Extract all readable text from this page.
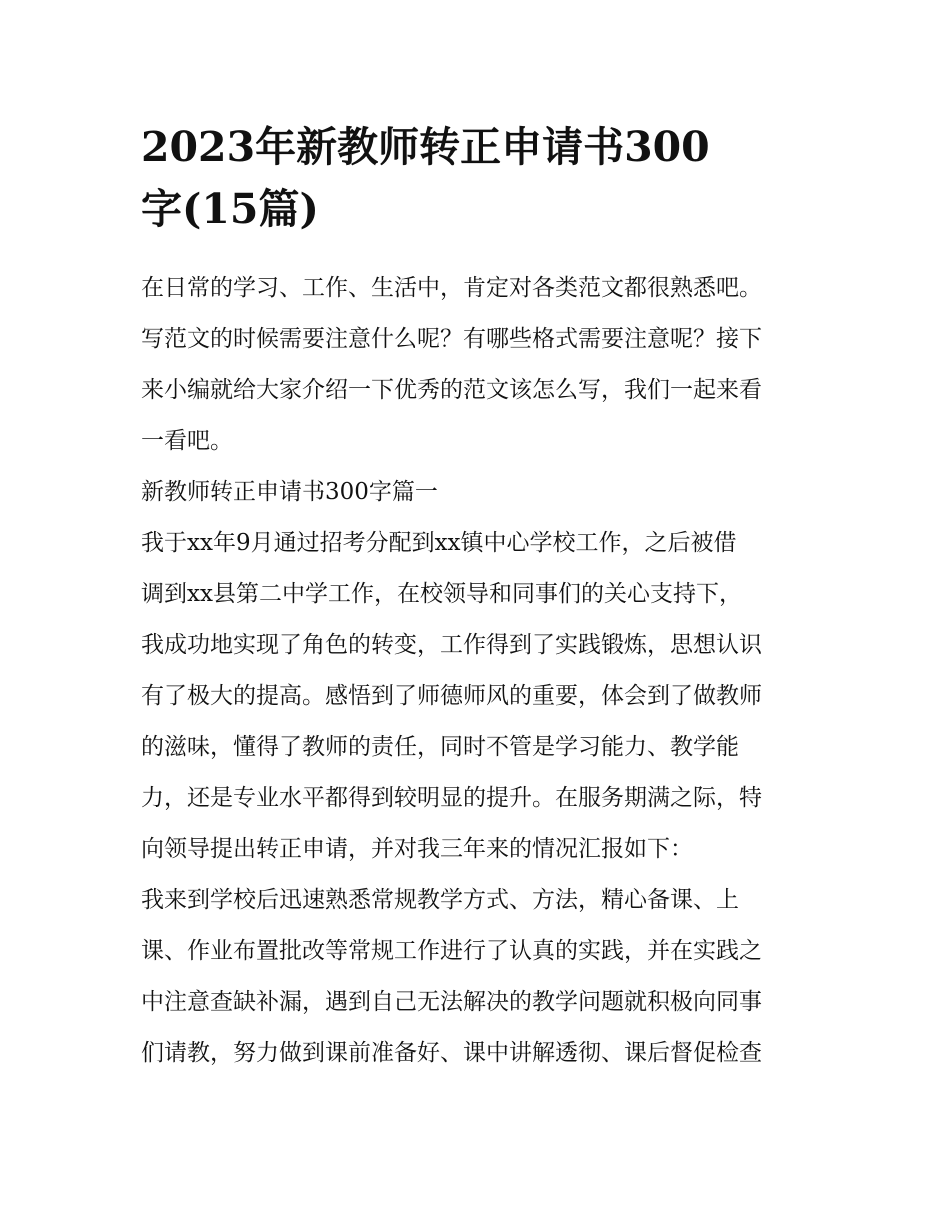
2023年新教师转正申请书300
字(15篇)

在日常的学习、工作、生活中，肯定对各类范文都很熟悉吧。
写范文的时候需要注意什么呢？有哪些格式需要注意呢？接下
来小编就给大家介绍一下优秀的范文该怎么写，我们一起来看
一看吧。

新教师转正申请书300字篇一

我于xx年9月通过招考分配到xx镇中心学校工作，之后被借
调到xx县第二中学工作，在校领导和同事们的关心支持下，
我成功地实现了角色的转变，工作得到了实践锻炼，思想认识
有了极大的提高。感悟到了师德师风的重要，体会到了做教师
的滋味，懂得了教师的责任，同时不管是学习能力、教学能
力，还是专业水平都得到较明显的提升。在服务期满之际，特
向领导提出转正申请，并对我三年来的情况汇报如下：

我来到学校后迅速熟悉常规教学方式、方法，精心备课、上
课、作业布置批改等常规工作进行了认真的实践，并在实践之
中注意查缺补漏，遇到自己无法解决的教学问题就积极向同事
们请教，努力做到课前准备好、课中讲解透彻、课后督促检查
